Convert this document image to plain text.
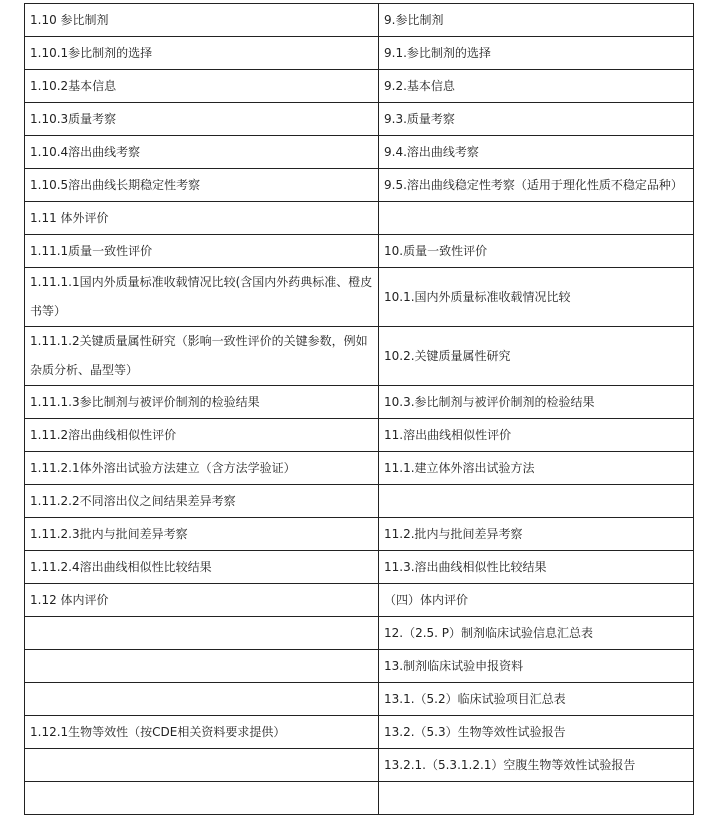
1.10 参比制剂	9.参比制剂
1.10.1参比制剂的选择	9.1.参比制剂的选择
1.10.2基本信息	9.2.基本信息
1.10.3质量考察	9.3.质量考察
1.10.4溶出曲线考察	9.4.溶出曲线考察
1.10.5溶出曲线长期稳定性考察	9.5.溶出曲线稳定性考察（适用于理化性质不稳定品种）
1.11 体外评价	
1.11.1质量一致性评价	10.质量一致性评价
1.11.1.1国内外质量标准收载情况比较(含国内外药典标准、橙皮书等）	10.1.国内外质量标准收载情况比较
1.11.1.2关键质量属性研究（影响一致性评价的关键参数，例如杂质分析、晶型等）	10.2.关键质量属性研究
1.11.1.3参比制剂与被评价制剂的检验结果	10.3.参比制剂与被评价制剂的检验结果
1.11.2溶出曲线相似性评价	11.溶出曲线相似性评价
1.11.2.1体外溶出试验方法建立（含方法学验证）	11.1.建立体外溶出试验方法
1.11.2.2不同溶出仪之间结果差异考察	
1.11.2.3批内与批间差异考察	11.2.批内与批间差异考察
1.11.2.4溶出曲线相似性比较结果	11.3.溶出曲线相似性比较结果
1.12 体内评价	（四）体内评价
	12.（2.5. P）制剂临床试验信息汇总表
	13.制剂临床试验申报资料
	13.1.（5.2）临床试验项目汇总表
1.12.1生物等效性（按CDE相关资料要求提供）	13.2.（5.3）生物等效性试验报告
	13.2.1.（5.3.1.2.1）空腹生物等效性试验报告
